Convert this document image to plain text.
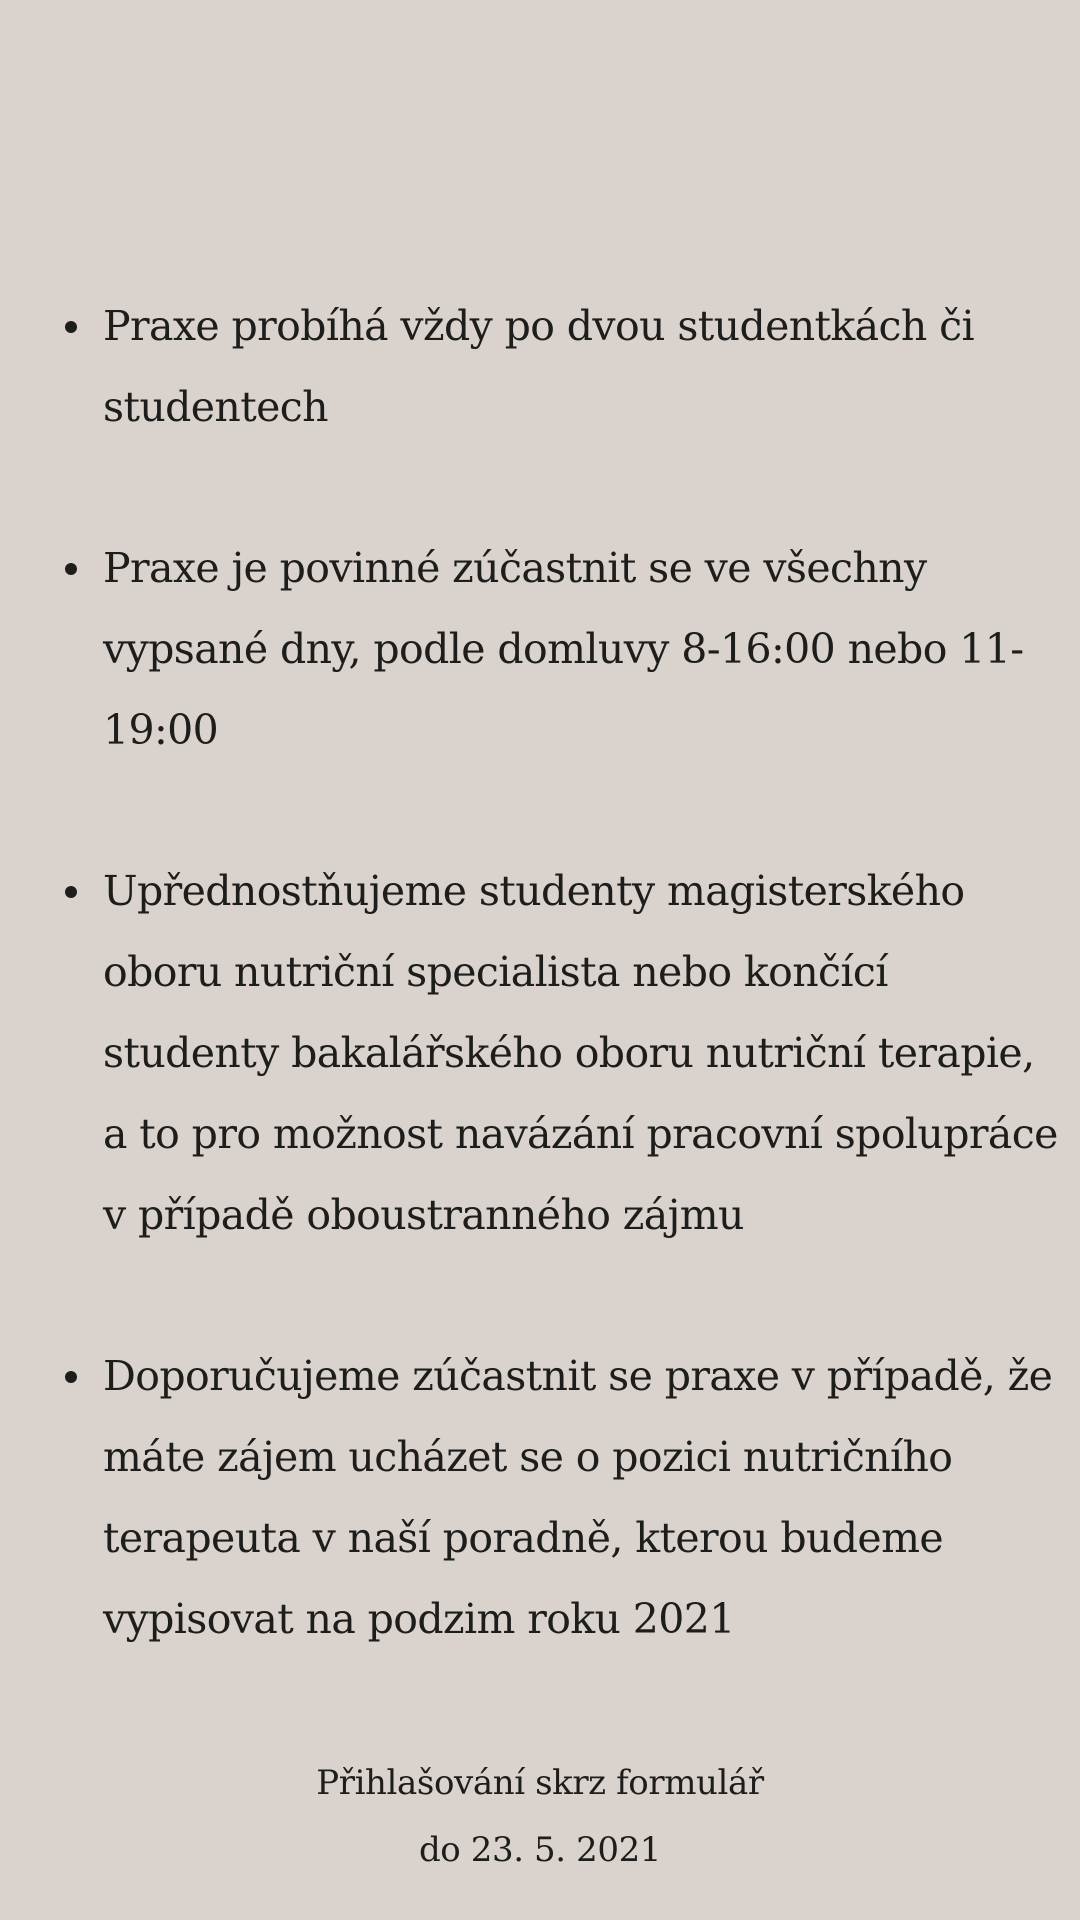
Praxe probíhá vždy po dvou studentkách či studentech
Praxe je povinné zúčastnit se ve všechny vypsané dny, podle domluvy 8-16:00 nebo 11-19:00
Upřednostňujeme studenty magisterského oboru nutriční specialista nebo končící studenty bakalářského oboru nutriční terapie, a to pro možnost navázání pracovní spolupráce v případě oboustranného zájmu
Doporučujeme zúčastnit se praxe v případě, že máte zájem ucházet se o pozici nutričního terapeuta v naší poradně, kterou budeme vypisovat na podzim roku 2021
Přihlašování skrz formulář
do 23. 5. 2021
